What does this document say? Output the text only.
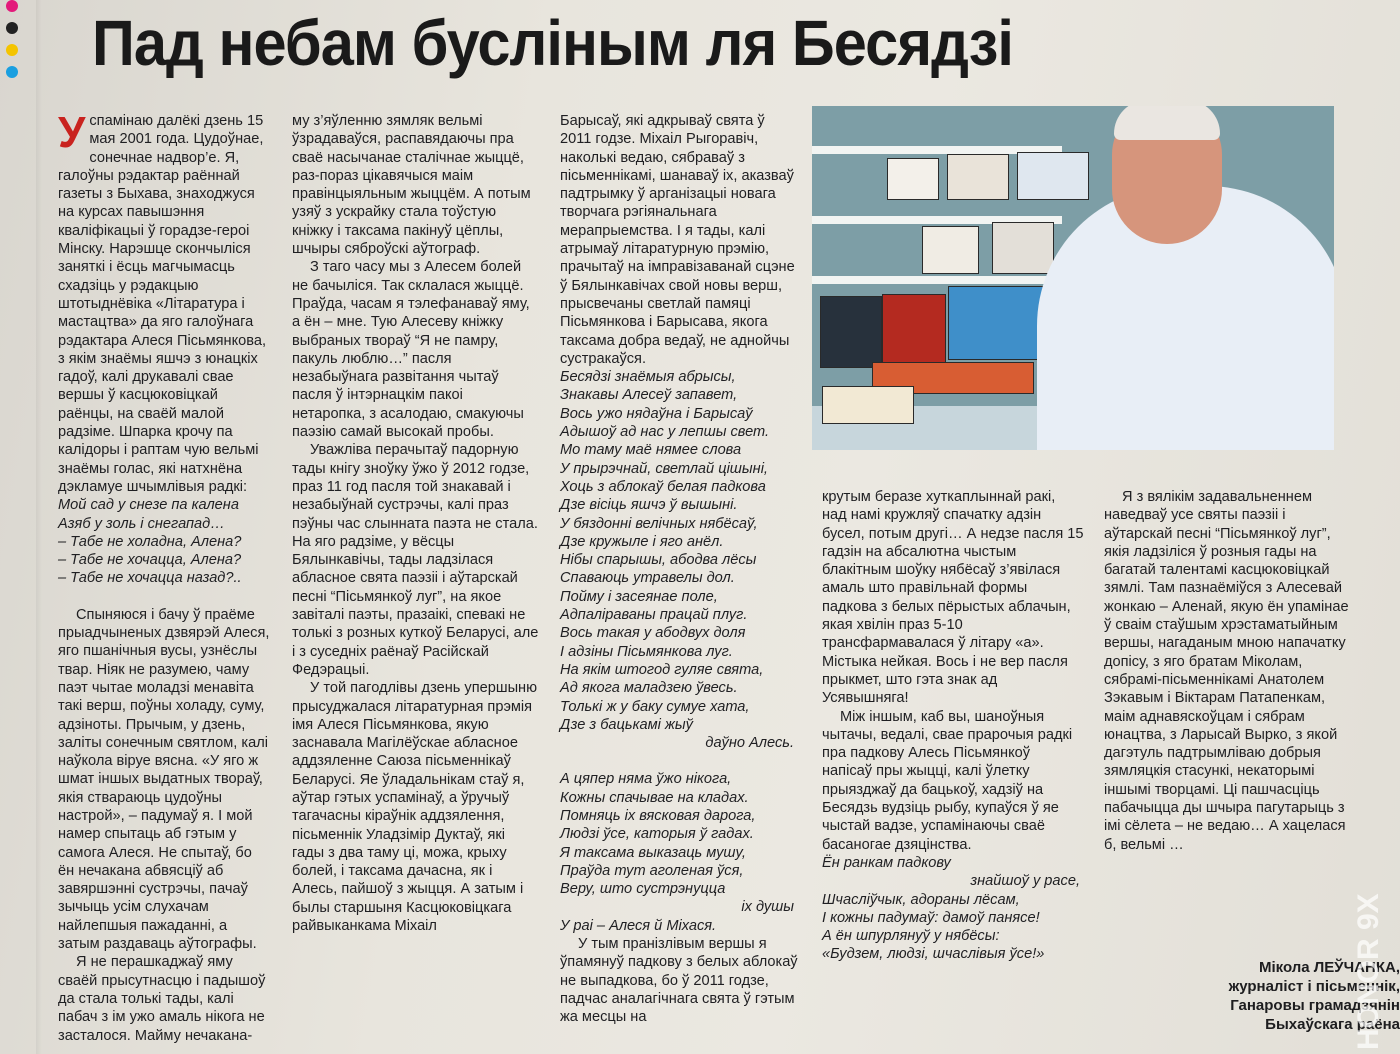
Пад небам буслiным ля Бесядзi

Успамiнаю далёкi дзень 15 мая 2001 года. Цудоўнае, сонечнае надвор’е. Я, галоўны рэдактар раённай газеты з Быхава, знаходжуся на курсах павышэння квалiфiкацыi ў горадзе-героi Мiнску. Нарэшце скончылiся заняткi i ёсць магчымасць схадзiць у рэдакцыю штотыднёвiка «Лiтаратура i мастацтва» да яго галоўнага рэдактара Алеся Пiсьмянкова, з якiм знаёмы яшчэ з юнацкiх гадоў, калi друкавалi свае вершы ў касцюковiцкай раёнцы, на сваёй малой радзiме. Шпарка крочу па калiдоры i раптам чую вельмi знаёмы голас, якi натхнёна дэкламуе шчымлiвыя радкi:

Мой сад у снезе па калена
Азяб у золь i снегапад…
– Табе не холадна, Алена?
– Табе не хочацца, Алена?
– Табе не хочацца назад?..

Спыняюся i бачу ў праёме прыадчыненых дзвярэй Алеся, яго пшанiчныя вусы, узнёслы твар. Нiяк не разумею, чаму паэт чытае моладзi менавiта такi верш, поўны холаду, суму, адзiноты. Прычым, у дзень, залiты сонечным святлом, калi наўкола вiруе вясна. «У яго ж шмат iншых выдатных твораў, якiя ствараюць цудоўны настрой», – падумаў я. I мой намер спытаць аб гэтым у самога Алеся. Не спытаў, бо ён нечакана абвясцiў аб завяршэннi сустрэчы, пачаў зычыць усiм слухачам найлепшыя пажаданнi, а затым раздаваць аўтографы.

Я не перашкаджаў яму сваёй прысутнасцю i падышоў да стала толькi тады, калi пабач з iм ужо амаль нiкога не засталося. Майму нечакана-

му з’яўленню зямляк вельмi ўзрадаваўся, распавядаючы пра сваё насычанае сталiчнае жыццё, раз-пораз цiкавячыся маiм правiнцыяльным жыццём. А потым узяў з ускрайку стала тоўстую кнiжку i таксама пакiнуў цёплы, шчыры сяброўскi аўтограф.

З таго часу мы з Алесем болей не бачылiся. Так склалася жыццё. Праўда, часам я тэлефанаваў яму, а ён – мне. Тую Алесеву кнiжку выбраных твораў “Я не памру, пакуль люблю…” пасля незабыўнага развiтання чытаў пасля ў iнтэрнацкiм пакоi нетаропка, з асалодаю, смакуючы паэзiю самай высокай пробы.

Уважлiва перачытаў падорную тады кнiгу зноўку ўжо ў 2012 годзе, праз 11 год пасля той знакавай i незабыўнай сустрэчы, калi праз пэўны час слынната паэта не стала. На яго радзiме, у вёсцы Бялынкавiчы, тады ладзiлася абласное свята паэзii i аўтарскай песнi “Пiсьмянкоў луг”, на якое завiталi паэты, празаiкi, спевакi не толькi з розных куткоў Беларусi, але i з суседнiх раёнаў Расiйскай Федэрацыi.

У той пагодлiвы дзень упершыню прысуджалася лiтаратурная прэмiя iмя Алеся Пiсьмянкова, якую заснавала Магiлёўскае абласное аддзяленне Саюза пiсьменнiкаў Беларусi. Яе ўладальнiкам стаў я, аўтар гэтых успамiнаў, а ўручыў тагачасны кiраўнiк аддзялення, пiсьменнiк Уладзiмiр Дуктаў, якi гады з два таму цi, можа, крыху болей, i таксама дачасна, як i Алесь, пайшоў з жыцця. А затым i былы старшыня Касцюковiцкага райвыканкама Мiхаiл

Барысаў, якi адкрываў свята ў 2011 годзе. Мiхаiл Рыгоравiч, наколькi ведаю, сябраваў з пiсьменнiкамi, шанаваў iх, аказваў падтрымку ў арганiзацыi новага творчага рэгiянальнага мерапрыемства. I я тады, калi атрымаў лiтаратурную прэмiю, прачытаў на iмправiзаванай сцэне ў Бялынкавiчах свой новы верш, прысвечаны светлай памяцi Пiсьмянкова i Барысава, якога таксама добра ведаў, не аднойчы сустракаўся.

Бесядзi знаёмыя абрысы,
Знакавы Алесеў запавет,
Вось ужо нядаўна i Барысаў
Адышоў ад нас у лепшы свет.
Мо таму маё нямее слова
У прырэчнай, светлай цiшынi,
Хоць з аблокаў белая падкова
Дзе вiсiць яшчэ ў вышынi.
У бяздоннi велiчных нябёсаў,
Дзе кружыле i яго анёл.
Нiбы спарышы, абодва лёсы
Спаваюць утравелы дол.
Пойму i засеянае поле,
Адпалiраваны працай плуг.
Вось такая у абодвух доля
I адзiны Пiсьмянкова луг.
На якiм штогод гуляе свята,
Ад якога маладзею ўвесь.
Толькi ж у баку сумуе хата,
Дзе з бацькамi жыў
даўно Алесь.
А цяпер няма ўжо нiкога,
Кожны спачывае на кладах.
Помняць iх вясковая дарога,
Людзi ўсе, каторыя ў гадах.
Я таксама выказаць мушу,
Праўда тут аголеная ўся,
Веру, што сустрэнуцца
iх душы
У раi – Алеся й Мiхася.

У тым пранiзлiвым вершы я ўпамянуў падкову з белых аблокаў не выпадкова, бо ў 2011 годзе, падчас аналагiчнага свята ў гэтым жа месцы на

крутым беразе хуткаплыннай ракi, над намi кружляў спачатку адзiн бусел, потым другi… А недзе пасля 15 гадзiн на абсалютна чыстым блакiтным шоўку нябёсаў з’явiлася амаль што правiльнай формы падкова з белых пёрыстых аблачын, якая хвiлiн праз 5-10 трансфармавалася ў лiтару «а». Мiстыка нейкая. Вось i не вер пасля прыкмет, што гэта знак ад Усявышняга!

Мiж iншым, каб вы, шаноўныя чытачы, ведалi, свае прарочыя радкi пра падкову Алесь Пiсьмянкоў напiсаў пры жыццi, калi ўлетку прыязджаў да бацькоў, хадзiў на Бесядзь вудзiць рыбу, купаўся ў яе чыстай вадзе, успамiнаючы сваё басаногае дзяцiнства.

Ён ранкам падкову
знайшоў у расе,
Шчаслiўчык, адораны лёсам,
I кожны падумаў: дамоў панясе!
А ён шпурлянуў у нябёсы:
«Будзем, людзi, шчаслiвыя ўсе!»

Я з вялiкiм задавальненнем наведваў усе святы паэзii i аўтарскай песнi “Пiсьмянкоў луг”, якiя ладзiлiся ў розныя гады на багатай талентамi касцюковiцкай зямлi. Там пазнаёмiўся з Алесевай жонкаю – Аленай, якую ён упамiнае ў сваiм стаўшым хрэстаматыйным вершы, нагаданым мною напачатку допiсу, з яго братам Мiколам, сябрамi-пiсьменнiкамi Анатолем Зэкавым i Вiктарам Патапенкам, маiм аднавяскоўцам i сябрам юнацтва, з Ларысай Вырко, з якой дагэтуль падтрымлiваю добрыя зямляцкiя стасункi, некаторымi iншымi творцамi. Цi пашчасцiць пабачыцца ды шчыра пагутарыць з iмi сёлета – не ведаю… А хацелася б, вельмi …

Мiкола ЛЕЎЧАНКА,
журналiст i пiсьменнiк,
Ганаровы грамадзянiн
Быхаўскага раёна
HONOR 9X
